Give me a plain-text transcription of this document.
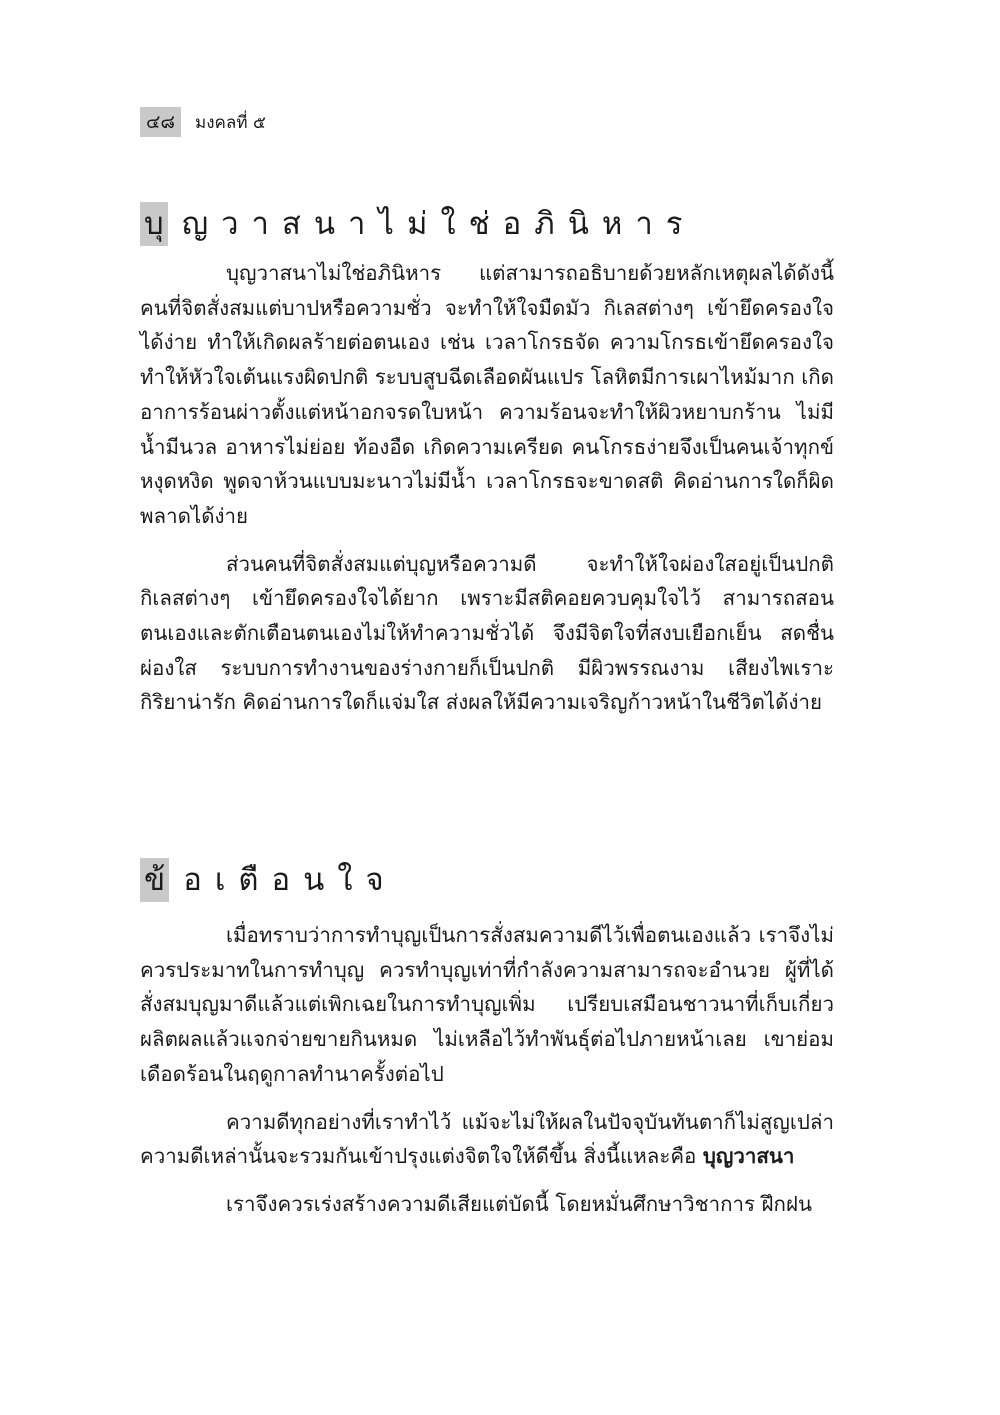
๔๘	มงคลที่ ๕
บุ ญวาสนาไม่ใช่อภินิหาร

บุญวาสนาไม่ใช่อภินิหาร แต่สามารถอธิบายด้วยหลักเหตุผลได้ดังนี้ คนที่จิตสั่งสมแต่บาปหรือความชั่ว จะทำให้ใจมืดมัว กิเลสต่างๆ เข้ายึดครองใจได้ง่าย ทำให้เกิดผลร้ายต่อตนเอง เช่น เวลาโกรธจัด ความโกรธเข้ายึดครองใจ ทำให้หัวใจเต้นแรงผิดปกติ ระบบสูบฉีดเลือดผันแปร โลหิตมีการเผาไหม้มาก เกิดอาการร้อนผ่าวตั้งแต่หน้าอกจรดใบหน้า ความร้อนจะทำให้ผิวหยาบกร้าน ไม่มีน้ำมีนวล อาหารไม่ย่อย ท้องอืด เกิดความเครียด คนโกรธง่ายจึงเป็นคนเจ้าทุกข์ หงุดหงิด พูดจาห้วนแบบมะนาวไม่มีน้ำ เวลาโกรธจะขาดสติ คิดอ่านการใดก็ผิดพลาดได้ง่าย

ส่วนคนที่จิตสั่งสมแต่บุญหรือความดี จะทำให้ใจผ่องใสอยู่เป็นปกติ กิเลสต่างๆ เข้ายึดครองใจได้ยาก เพราะมีสติคอยควบคุมใจไว้ สามารถสอนตนเองและตักเตือนตนเองไม่ให้ทำความชั่วได้ จึงมีจิตใจที่สงบเยือกเย็น สดชื่นผ่องใส ระบบการทำงานของร่างกายก็เป็นปกติ มีผิวพรรณงาม เสียงไพเราะ กิริยาน่ารัก คิดอ่านการใดก็แจ่มใส ส่งผลให้มีความเจริญก้าวหน้าในชีวิตได้ง่าย

ข้ อเตือนใจ

เมื่อทราบว่าการทำบุญเป็นการสั่งสมความดีไว้เพื่อตนเองแล้ว เราจึงไม่ควรประมาทในการทำบุญ ควรทำบุญเท่าที่กำลังความสามารถจะอำนวย ผู้ที่ได้สั่งสมบุญมาดีแล้วแต่เพิกเฉยในการทำบุญเพิ่ม เปรียบเสมือนชาวนาที่เก็บเกี่ยวผลิตผลแล้วแจกจ่ายขายกินหมด ไม่เหลือไว้ทำพันธุ์ต่อไปภายหน้าเลย เขาย่อมเดือดร้อนในฤดูกาลทำนาครั้งต่อไป

ความดีทุกอย่างที่เราทำไว้ แม้จะไม่ให้ผลในปัจจุบันทันตาก็ไม่สูญเปล่า ความดีเหล่านั้นจะรวมกันเข้าปรุงแต่งจิตใจให้ดีขึ้น สิ่งนี้แหละคือ บุญวาสนา

เราจึงควรเร่งสร้างความดีเสียแต่บัดนี้ โดยหมั่นศึกษาวิชาการ ฝึกฝน
